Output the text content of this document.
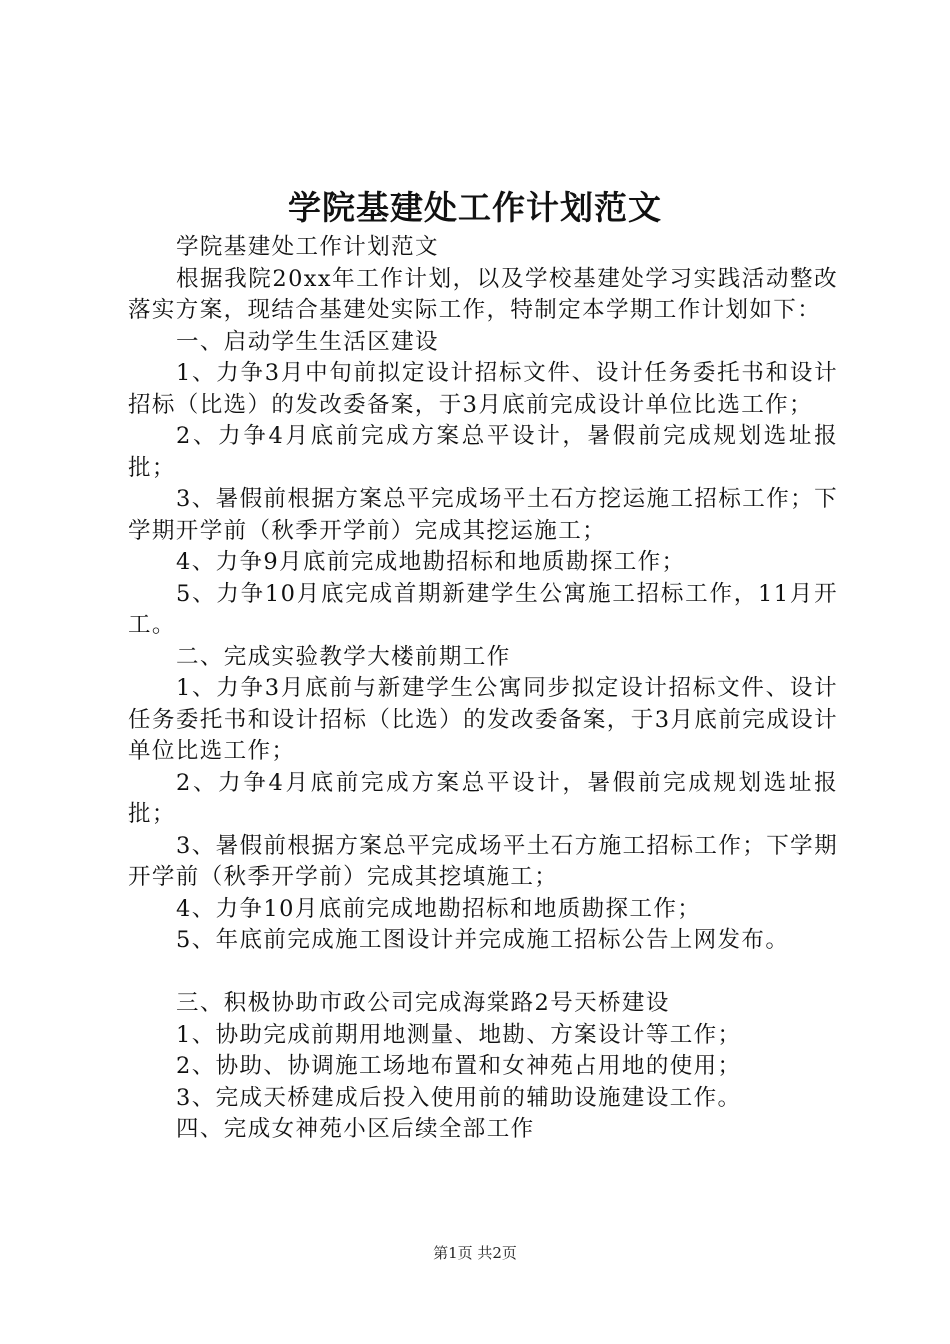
学院基建处工作计划范文

学院基建处工作计划范文

根据我院20xx年工作计划，以及学校基建处学习实践活动整改落实方案，现结合基建处实际工作，特制定本学期工作计划如下：

一、启动学生生活区建设

1、力争3月中旬前拟定设计招标文件、设计任务委托书和设计招标（比选）的发改委备案，于3月底前完成设计单位比选工作；

2、力争4月底前完成方案总平设计，暑假前完成规划选址报批；

3、暑假前根据方案总平完成场平土石方挖运施工招标工作；下学期开学前（秋季开学前）完成其挖运施工；

4、力争9月底前完成地勘招标和地质勘探工作；

5、力争10月底完成首期新建学生公寓施工招标工作，11月开工。

二、完成实验教学大楼前期工作

1、力争3月底前与新建学生公寓同步拟定设计招标文件、设计任务委托书和设计招标（比选）的发改委备案，于3月底前完成设计单位比选工作；

2、力争4月底前完成方案总平设计，暑假前完成规划选址报批；

3、暑假前根据方案总平完成场平土石方施工招标工作；下学期开学前（秋季开学前）完成其挖填施工；

4、力争10月底前完成地勘招标和地质勘探工作；

5、年底前完成施工图设计并完成施工招标公告上网发布。

三、积极协助市政公司完成海棠路2号天桥建设

1、协助完成前期用地测量、地勘、方案设计等工作；

2、协助、协调施工场地布置和女神苑占用地的使用；

3、完成天桥建成后投入使用前的辅助设施建设工作。

四、完成女神苑小区后续全部工作

第1页 共2页
